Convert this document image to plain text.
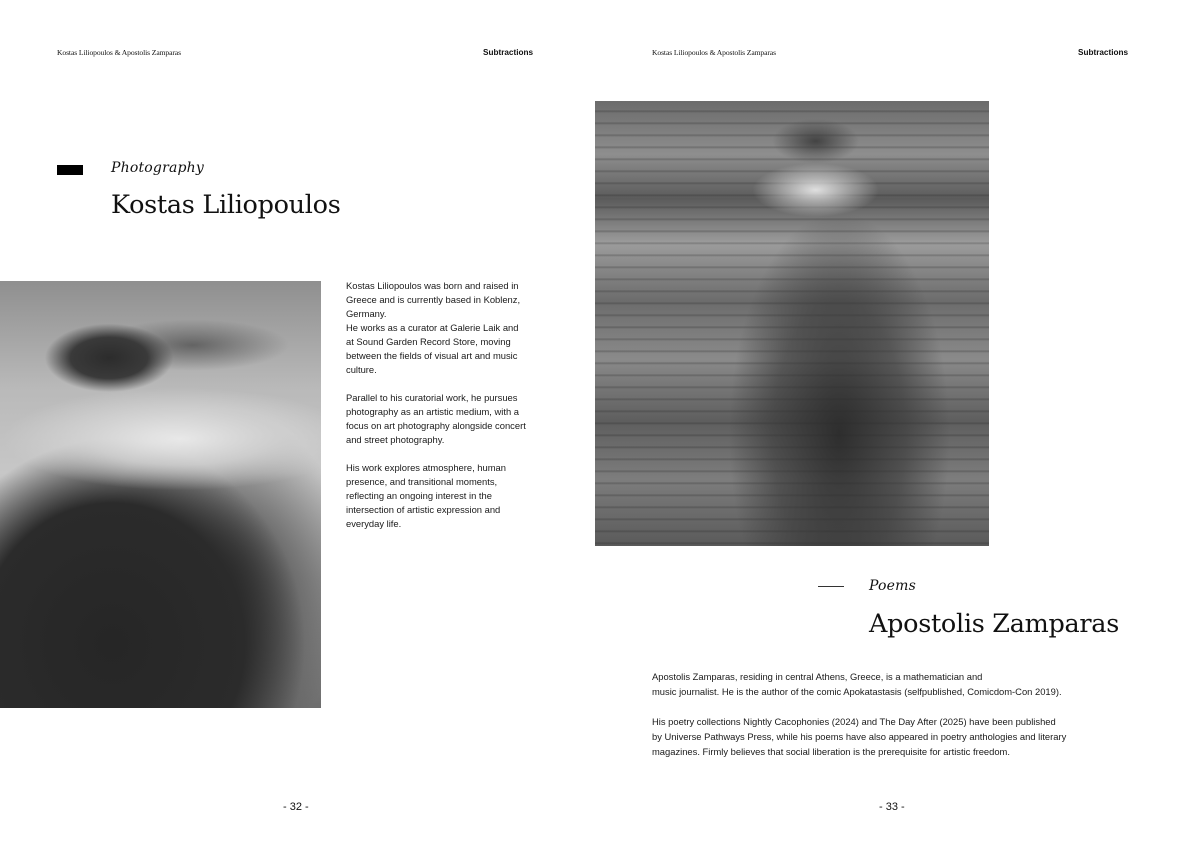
Kostas Liliopoulos & Apostolis Zamparas	Subtractions
Photography
Kostas Liliopoulos

Kostas Liliopoulos was born and raised in
Greece and is currently based in Koblenz,
Germany.
He works as a curator at Galerie Laik and
at Sound Garden Record Store, moving
between the fields of visual art and music
culture.

Parallel to his curatorial work, he pursues
photography as an artistic medium, with a
focus on art photography alongside concert
and street photography.

His work explores atmosphere, human
presence, and transitional moments,
reflecting an ongoing interest in the
intersection of artistic expression and
everyday life.

- 32 -
Kostas Liliopoulos & Apostolis Zamparas	Subtractions
Poems
Apostolis Zamparas

Apostolis Zamparas, residing in central Athens, Greece, is a mathematician and
music journalist. He is the author of the comic Apokatastasis (selfpublished, Comicdom-Con 2019).

His poetry collections Nightly Cacophonies (2024) and The Day After (2025) have been published
by Universe Pathways Press, while his poems have also appeared in poetry anthologies and literary
magazines. Firmly believes that social liberation is the prerequisite for artistic freedom.

- 33 -
